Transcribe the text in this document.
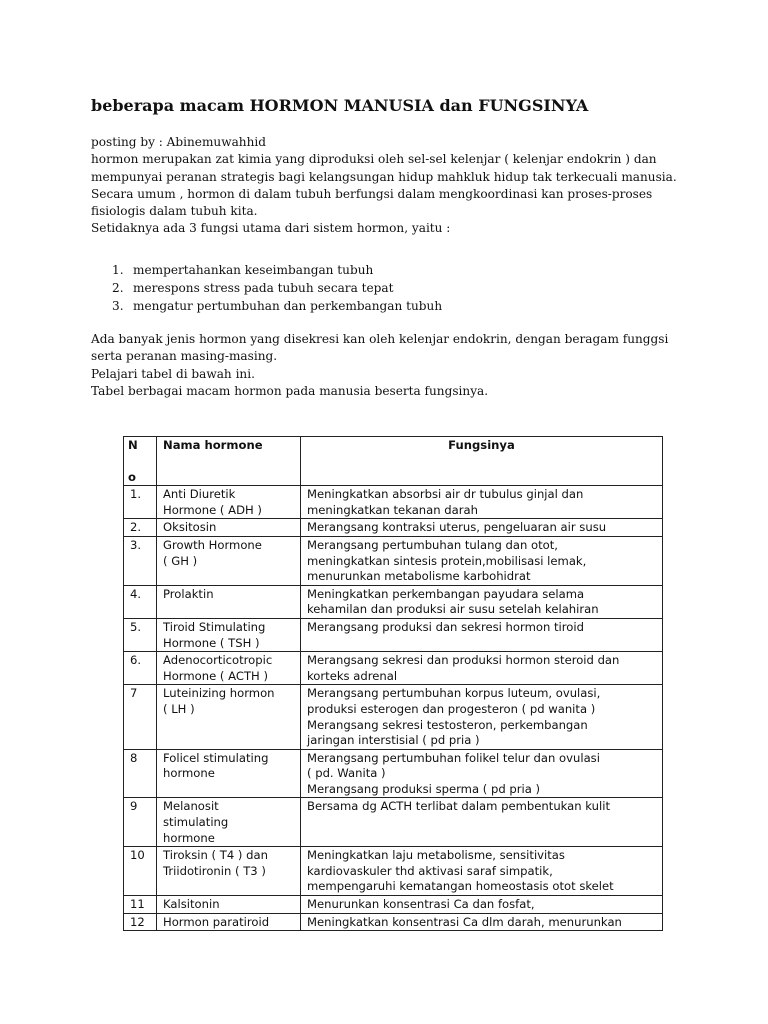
beberapa macam HORMON MANUSIA dan FUNGSINYA
posting by : Abinemuwahhid
hormon merupakan zat kimia yang diproduksi oleh sel-sel kelenjar ( kelenjar endokrin ) dan
mempunyai peranan strategis bagi kelangsungan hidup mahkluk hidup tak terkecuali manusia.
Secara umum , hormon di dalam tubuh berfungsi dalam mengkoordinasi kan proses-proses
fisiologis dalam tubuh kita.
Setidaknya ada 3 fungsi utama dari sistem hormon, yaitu :
1. mempertahankan keseimbangan tubuh
2. merespons stress pada tubuh secara tepat
3. mengatur pertumbuhan dan perkembangan tubuh
Ada banyak jenis hormon yang disekresi kan oleh kelenjar endokrin, dengan beragam funggsi
serta peranan masing-masing.
Pelajari tabel di bawah ini.
Tabel berbagai macam hormon pada manusia beserta fungsinya.
N
o	Nama hormone	Fungsinya
1.	Anti Diuretik
Hormone ( ADH )	Meningkatkan absorbsi air dr tubulus ginjal dan
meningkatkan tekanan darah

2.	Oksitosin	Merangsang kontraksi uterus, pengeluaran air susu

3.	Growth Hormone
( GH )	Merangsang pertumbuhan tulang dan otot,
meningkatkan sintesis protein,mobilisasi lemak,
menurunkan metabolisme karbohidrat

4.	Prolaktin	Meningkatkan perkembangan payudara selama
kehamilan dan produksi air susu setelah kelahiran

5.	Tiroid Stimulating
Hormone ( TSH )	Merangsang produksi dan sekresi hormon tiroid

6.	Adenocorticotropic
Hormone ( ACTH )	Merangsang sekresi dan produksi hormon steroid dan
korteks adrenal

7	Luteinizing hormon
( LH )	Merangsang pertumbuhan korpus luteum, ovulasi,
produksi esterogen dan progesteron ( pd wanita )
Merangsang sekresi testosteron, perkembangan
jaringan interstisial ( pd pria )

8	Folicel stimulating
hormone	Merangsang pertumbuhan folikel telur dan ovulasi
( pd. Wanita )
Merangsang produksi sperma ( pd pria )

9	Melanosit
stimulating
hormone	Bersama dg ACTH terlibat dalam pembentukan kulit

10	Tiroksin ( T4 ) dan
Triidotironin ( T3 )	Meningkatkan laju metabolisme, sensitivitas
kardiovaskuler thd aktivasi saraf simpatik,
mempengaruhi kematangan homeostasis otot skelet

11	Kalsitonin	Menurunkan konsentrasi Ca dan fosfat,

12	Hormon paratiroid	Meningkatkan konsentrasi Ca dlm darah, menurunkan
